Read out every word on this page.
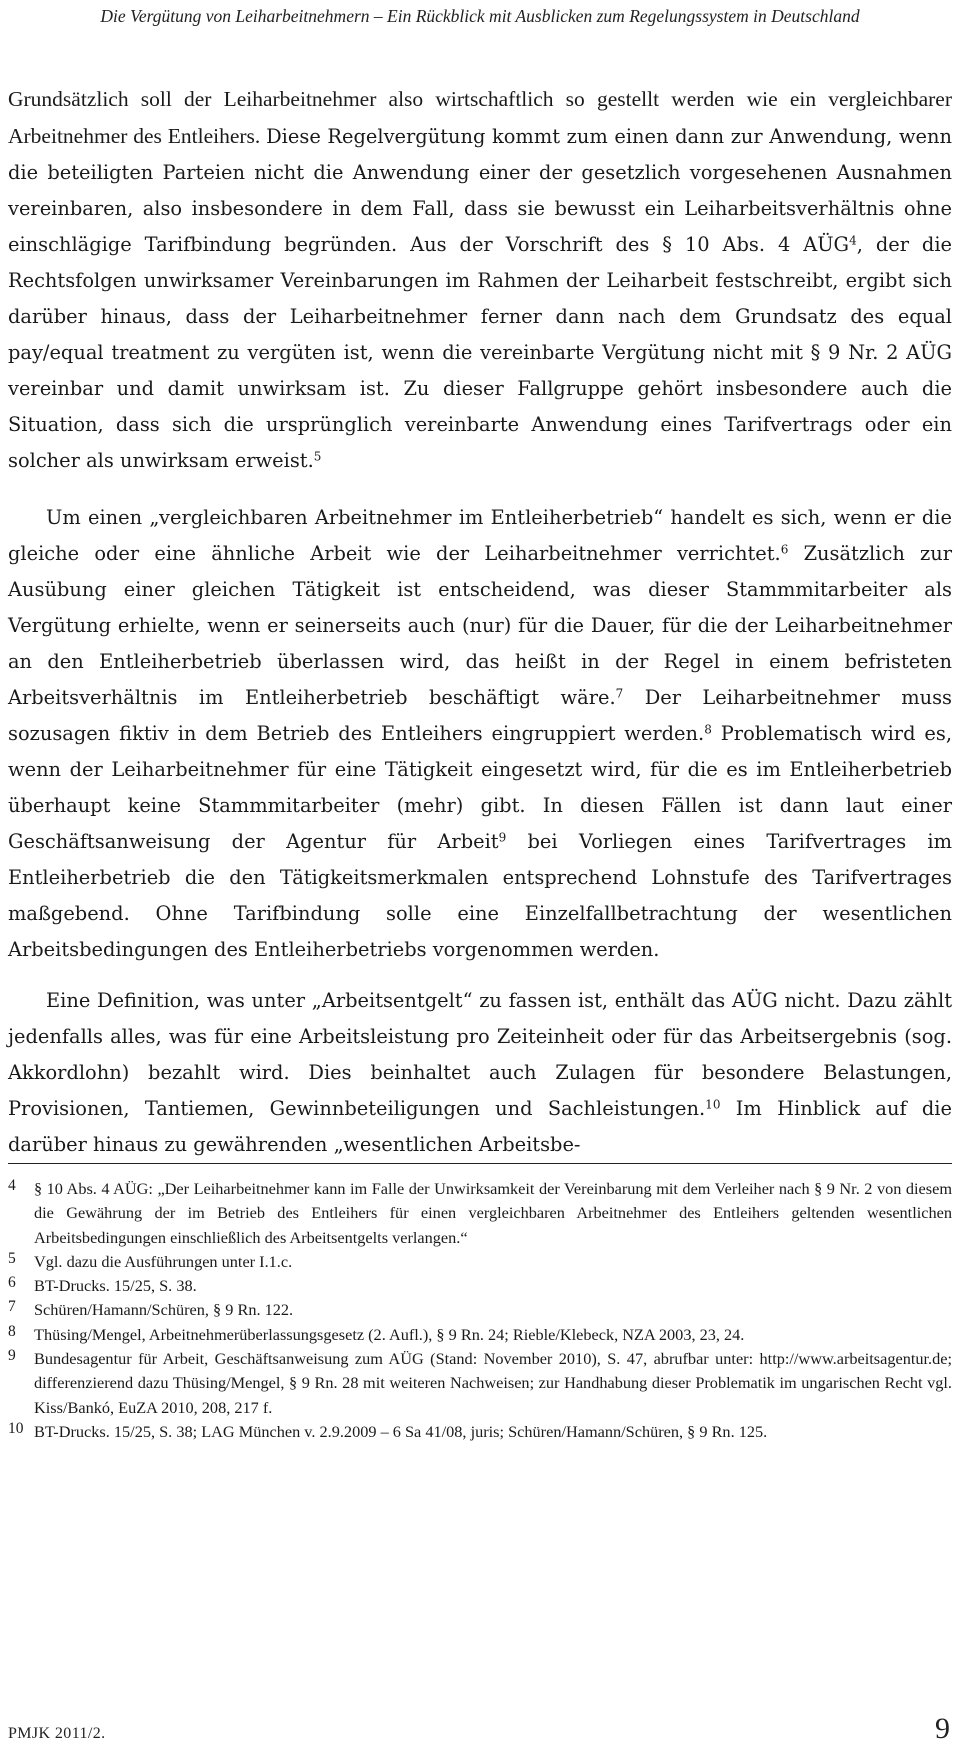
Die Vergütung von Leiharbeitnehmern – Ein Rückblick mit Ausblicken zum Regelungssystem in Deutschland

Grundsätzlich soll der Leiharbeitnehmer also wirtschaftlich so gestellt werden wie ein vergleichbarer Arbeitnehmer des Entleihers. Diese Regelvergütung kommt zum einen dann zur Anwendung, wenn die beteiligten Parteien nicht die Anwendung einer der gesetzlich vorgesehenen Ausnahmen vereinbaren, also insbesondere in dem Fall, dass sie bewusst ein Leiharbeitsverhältnis ohne einschlägige Tarifbindung begründen. Aus der Vorschrift des § 10 Abs. 4 AÜG$^4$, der die Rechtsfolgen unwirksamer Vereinbarungen im Rahmen der Leiharbeit festschreibt, ergibt sich darüber hinaus, dass der Leiharbeitnehmer ferner dann nach dem Grundsatz des equal pay/equal treatment zu vergüten ist, wenn die vereinbarte Vergütung nicht mit § 9 Nr. 2 AÜG vereinbar und damit unwirksam ist. Zu dieser Fallgruppe gehört insbesondere auch die Situation, dass sich die ursprünglich vereinbarte Anwendung eines Tarifvertrags oder ein solcher als unwirksam erweist.$^5$

Um einen „vergleichbaren Arbeitnehmer im Entleiherbetrieb“ handelt es sich, wenn er die gleiche oder eine ähnliche Arbeit wie der Leiharbeitnehmer verrichtet.$^6$ Zusätzlich zur Ausübung einer gleichen Tätigkeit ist entscheidend, was dieser Stammmitarbeiter als Vergütung erhielte, wenn er seinerseits auch (nur) für die Dauer, für die der Leiharbeitnehmer an den Entleiherbetrieb überlassen wird, das heißt in der Regel in einem befristeten Arbeitsverhältnis im Entleiherbetrieb beschäftigt wäre.$^7$ Der Leiharbeitnehmer muss sozusagen fiktiv in dem Betrieb des Entleihers eingruppiert werden.$^8$ Problematisch wird es, wenn der Leiharbeitnehmer für eine Tätigkeit eingesetzt wird, für die es im Entleiherbetrieb überhaupt keine Stammmitarbeiter (mehr) gibt. In diesen Fällen ist dann laut einer Geschäftsanweisung der Agentur für Arbeit$^9$ bei Vorliegen eines Tarifvertrages im Entleiherbetrieb die den Tätigkeitsmerkmalen entsprechend Lohnstufe des Tarifvertrages maßgebend. Ohne Tarifbindung solle eine Einzelfallbetrachtung der wesentlichen Arbeitsbedingungen des Entleiherbetriebs vorgenommen werden.

Eine Definition, was unter „Arbeitsentgelt“ zu fassen ist, enthält das AÜG nicht. Dazu zählt jedenfalls alles, was für eine Arbeitsleistung pro Zeiteinheit oder für das Arbeitsergebnis (sog. Akkordlohn) bezahlt wird. Dies beinhaltet auch Zulagen für besondere Belastungen, Provisionen, Tantiemen, Gewinnbeteiligungen und Sachleistungen.$^{10}$ Im Hinblick auf die darüber hinaus zu gewährenden „wesentlichen Arbeitsbe-

4 § 10 Abs. 4 AÜG: „Der Leiharbeitnehmer kann im Falle der Unwirksamkeit der Vereinbarung mit dem Verleiher nach § 9 Nr. 2 von diesem die Gewährung der im Betrieb des Entleihers für einen vergleichbaren Arbeitnehmer des Entleihers geltenden wesentlichen Arbeitsbedingungen einschließlich des Arbeitsentgelts verlangen.“
5 Vgl. dazu die Ausführungen unter I.1.c.
6 BT-Drucks. 15/25, S. 38.
7 Schüren/Hamann/Schüren, § 9 Rn. 122.
8 Thüsing/Mengel, Arbeitnehmerüberlassungsgesetz (2. Aufl.), § 9 Rn. 24; Rieble/Klebeck, NZA 2003, 23, 24.
9 Bundesagentur für Arbeit, Geschäftsanweisung zum AÜG (Stand: November 2010), S. 47, abrufbar unter: http://www.arbeitsagentur.de; differenzierend dazu Thüsing/Mengel, § 9 Rn. 28 mit weiteren Nachweisen; zur Handhabung dieser Problematik im ungarischen Recht vgl. Kiss/Bankó, EuZA 2010, 208, 217 f.
10 BT-Drucks. 15/25, S. 38; LAG München v. 2.9.2009 – 6 Sa 41/08, juris; Schüren/Hamann/Schüren, § 9 Rn. 125.
PMJK 2011/2.	9
